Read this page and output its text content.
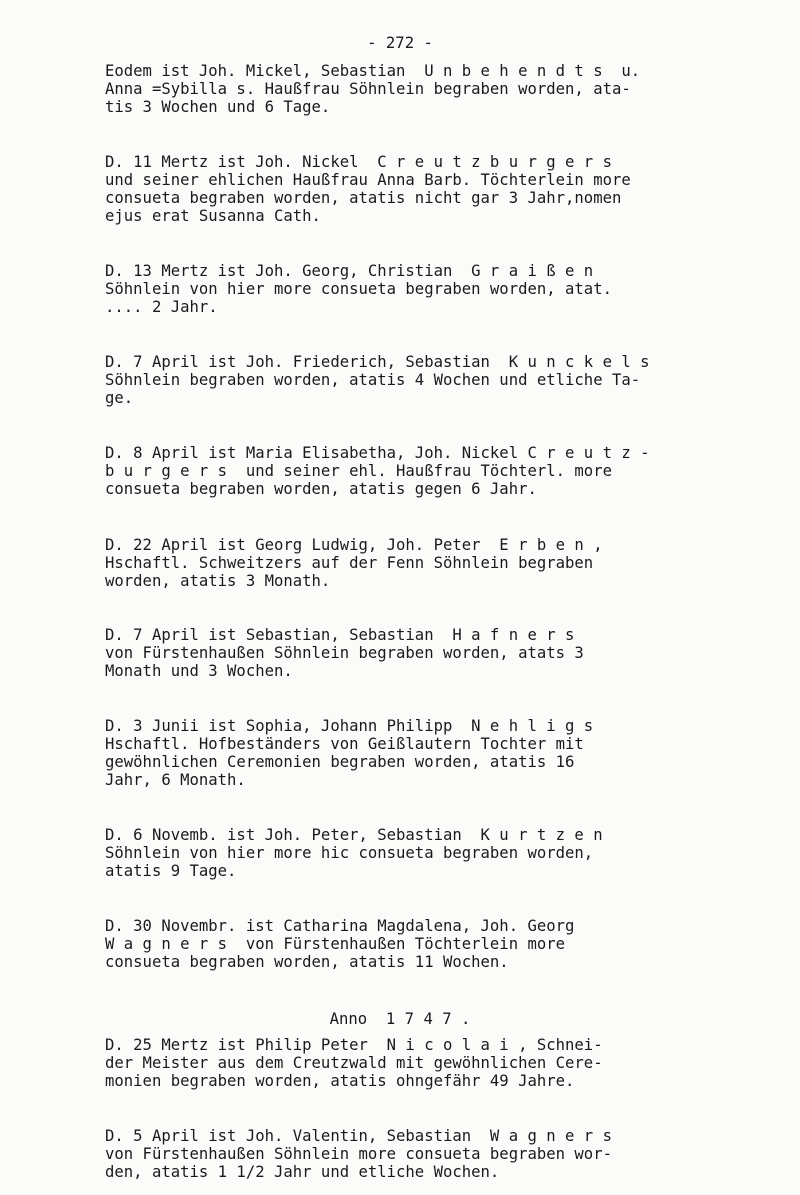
- 272 -
Eodem ist Joh. Mickel, Sebastian  U n b e h e n d t s  u.
Anna =Sybilla s. Haußfrau Söhnlein begraben worden, ata-
tis 3 Wochen und 6 Tage.
D. 11 Mertz ist Joh. Nickel  C r e u t z b u r g e r s
und seiner ehlichen Haußfrau Anna Barb. Töchterlein more
consueta begraben worden, atatis nicht gar 3 Jahr,nomen
ejus erat Susanna Cath.
D. 13 Mertz ist Joh. Georg, Christian  G r a i ß e n
Söhnlein von hier more consueta begraben worden, atat.
.... 2 Jahr.
D. 7 April ist Joh. Friederich, Sebastian  K u n c k e l s
Söhnlein begraben worden, atatis 4 Wochen und etliche Ta-
ge.
D. 8 April ist Maria Elisabetha, Joh. Nickel C r e u t z -
b u r g e r s  und seiner ehl. Haußfrau Töchterl. more
consueta begraben worden, atatis gegen 6 Jahr.
D. 22 April ist Georg Ludwig, Joh. Peter  E r b e n ,
Hschaftl. Schweitzers auf der Fenn Söhnlein begraben
worden, atatis 3 Monath.
D. 7 April ist Sebastian, Sebastian  H a f n e r s
von Fürstenhaußen Söhnlein begraben worden, atats 3
Monath und 3 Wochen.
D. 3 Junii ist Sophia, Johann Philipp  N e h l i g s
Hschaftl. Hofbeständers von Geißlautern Tochter mit
gewöhnlichen Ceremonien begraben worden, atatis 16
Jahr, 6 Monath.
D. 6 Novemb. ist Joh. Peter, Sebastian  K u r t z e n
Söhnlein von hier more hic consueta begraben worden,
atatis 9 Tage.
D. 30 Novembr. ist Catharina Magdalena, Joh. Georg
W a g n e r s  von Fürstenhaußen Töchterlein more
consueta begraben worden, atatis 11 Wochen.
Anno  1 7 4 7 .
D. 25 Mertz ist Philip Peter  N i c o l a i , Schnei-
der Meister aus dem Creutzwald mit gewöhnlichen Cere-
monien begraben worden, atatis ohngefähr 49 Jahre.
D. 5 April ist Joh. Valentin, Sebastian  W a g n e r s
von Fürstenhaußen Söhnlein more consueta begraben wor-
den, atatis 1 1/2 Jahr und etliche Wochen.
